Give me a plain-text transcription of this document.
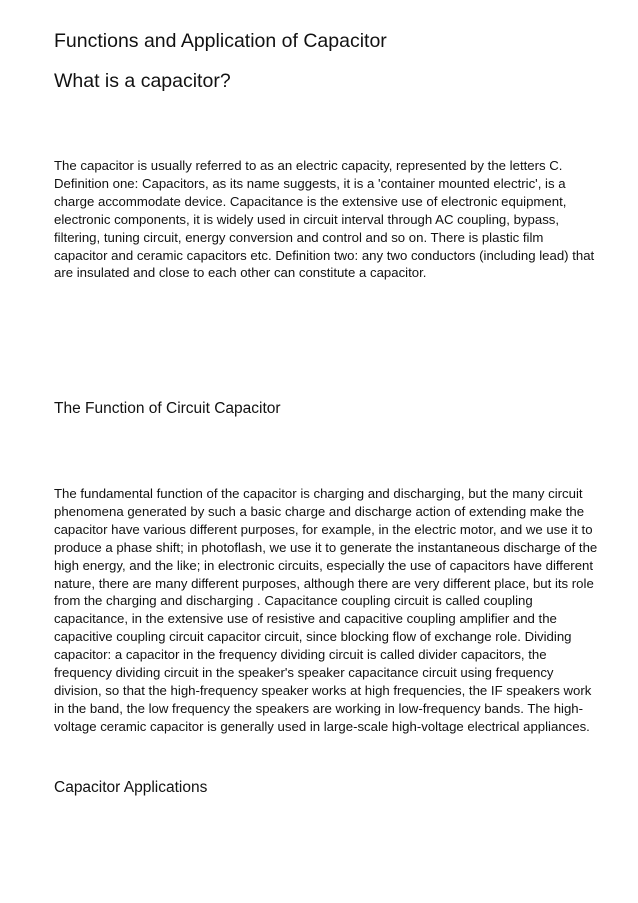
Functions and Application of Capacitor
What is a capacitor?

The capacitor is usually referred to as an electric capacity, represented by the letters C.
Definition one: Capacitors, as its name suggests, it is a 'container mounted electric', is a
charge accommodate device. Capacitance is the extensive use of electronic equipment,
electronic components, it is widely used in circuit interval through AC coupling, bypass,
filtering, tuning circuit, energy conversion and control and so on. There is plastic film
capacitor and ceramic capacitors etc. Definition two: any two conductors (including lead) that
are insulated and close to each other can constitute a capacitor.

The Function of Circuit Capacitor

The fundamental function of the capacitor is charging and discharging, but the many circuit
phenomena generated by such a basic charge and discharge action of extending make the
capacitor have various different purposes, for example, in the electric motor, and we use it to
produce a phase shift; in photoflash, we use it to generate the instantaneous discharge of the
high energy, and the like; in electronic circuits, especially the use of capacitors have different
nature, there are many different purposes, although there are very different place, but its role
from the charging and discharging . Capacitance coupling circuit is called coupling
capacitance, in the extensive use of resistive and capacitive coupling amplifier and the
capacitive coupling circuit capacitor circuit, since blocking flow of exchange role. Dividing
capacitor: a capacitor in the frequency dividing circuit is called divider capacitors, the
frequency dividing circuit in the speaker's speaker capacitance circuit using frequency
division, so that the high-frequency speaker works at high frequencies, the IF speakers work
in the band, the low frequency the speakers are working in low-frequency bands. The high-
voltage ceramic capacitor is generally used in large-scale high-voltage electrical appliances.

Capacitor Applications
